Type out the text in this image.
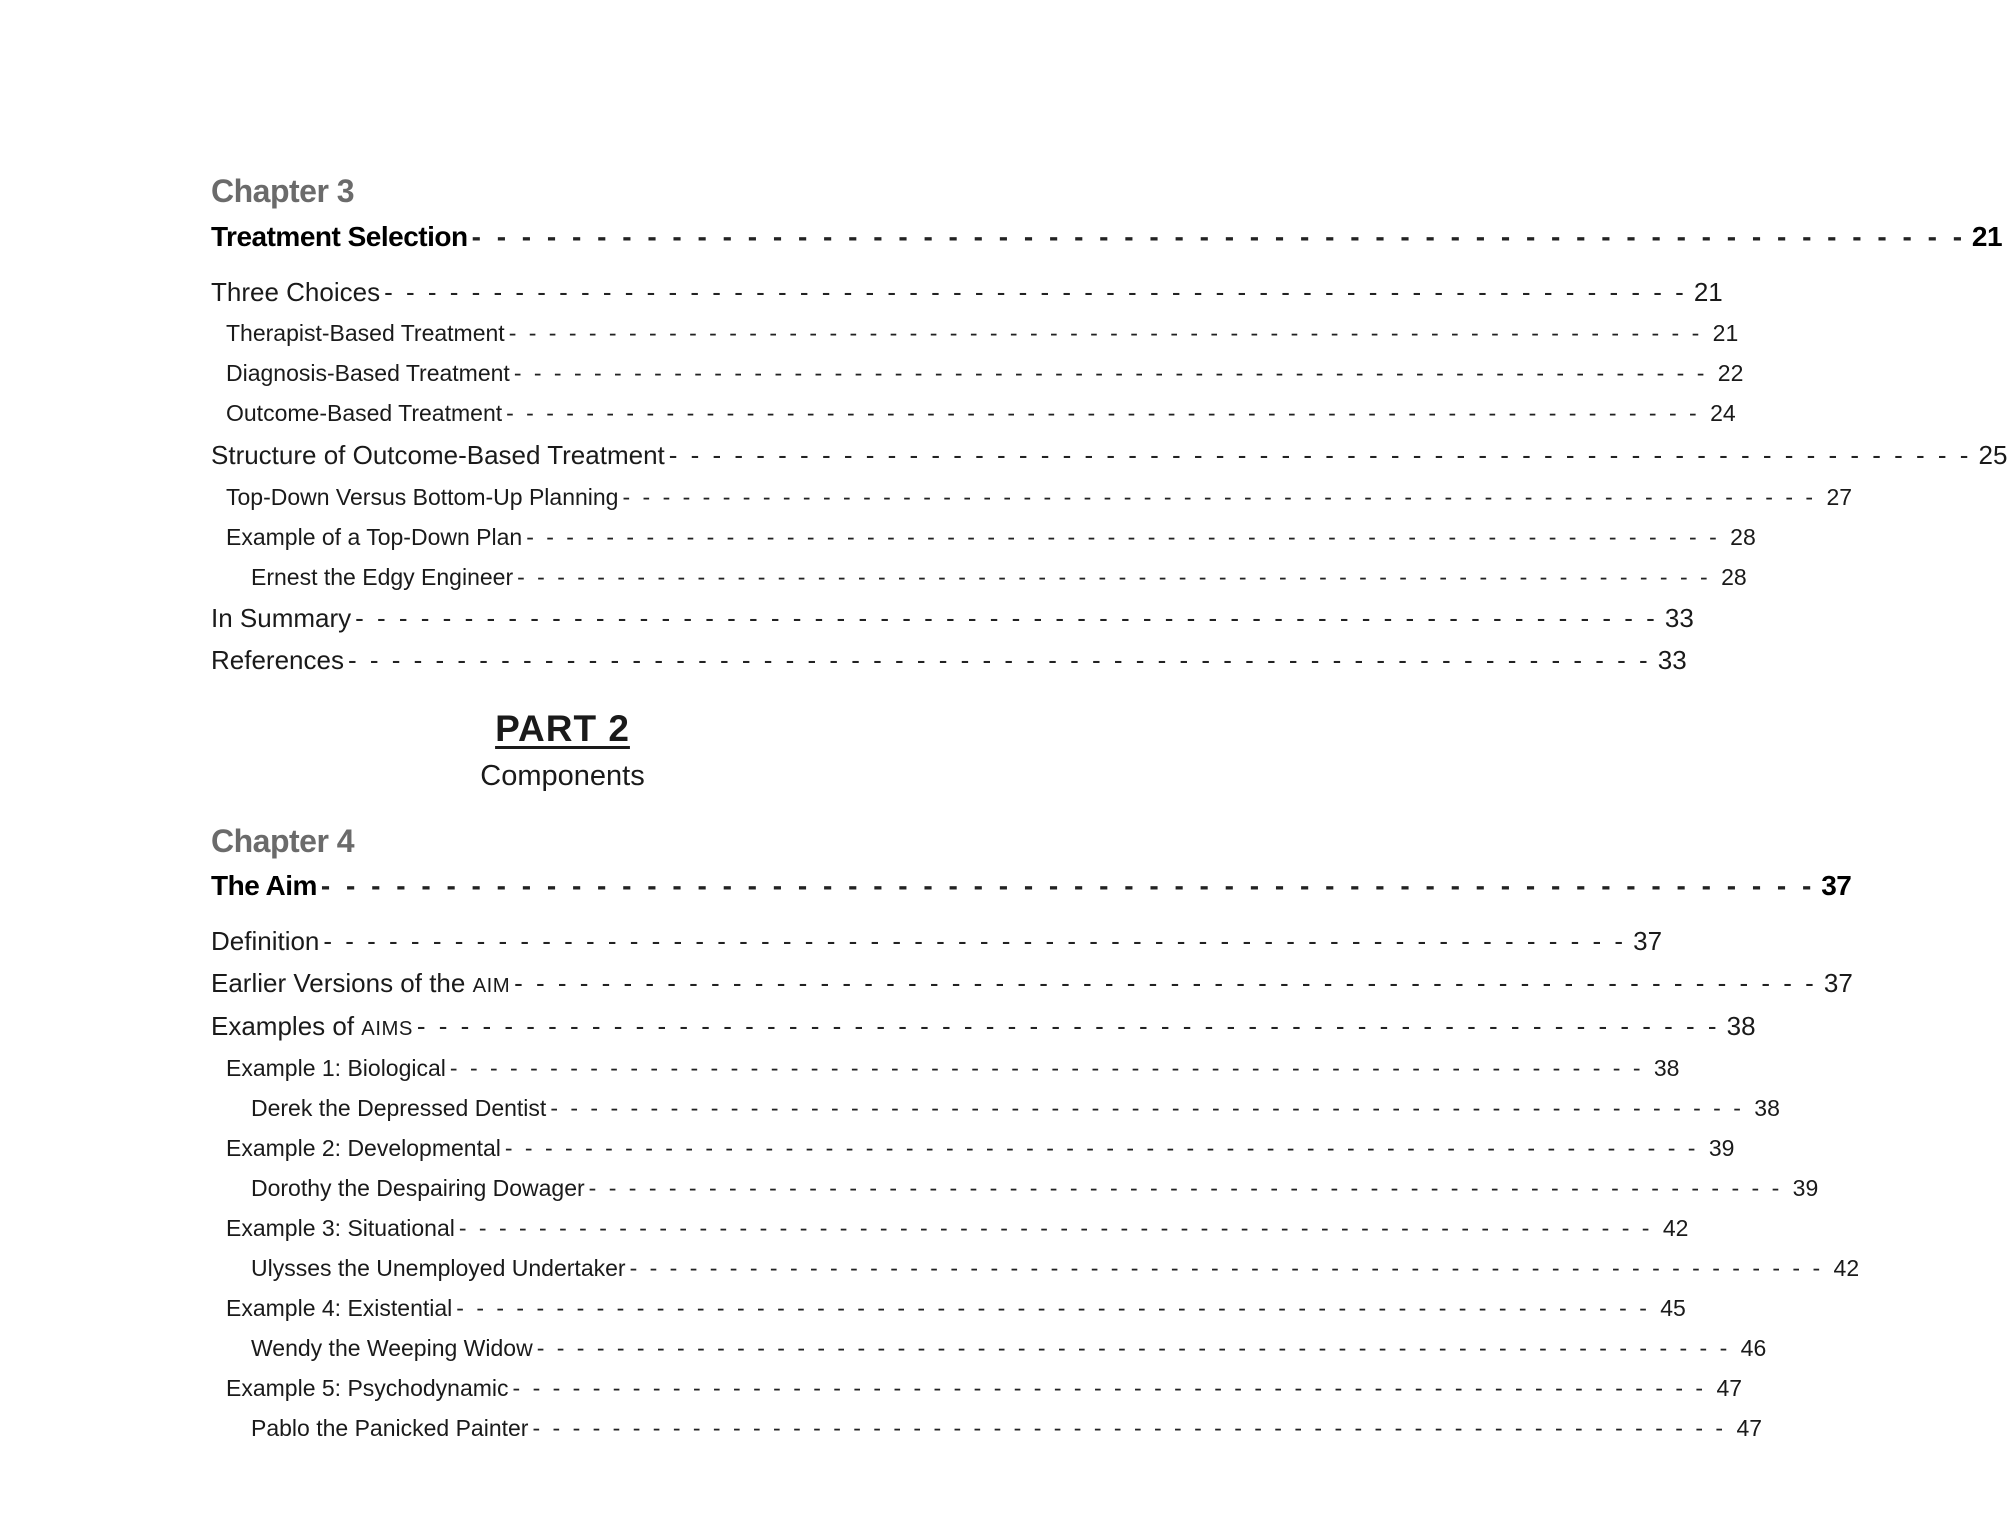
PART 2
Components
Chapter 3
Treatment Selection - - - - - - - - - - - - - - - - - - - - - - - - - - - - - - - - - - - - - - - - - - - - - - - - - - - - - - - - - - - - 21
Three Choices - - - - - - - - - - - - - - - - - - - - - - - - - - - - - - - - - - - - - - - - - - - - - - - - - - - - - - - - - - - - 21
Therapist-Based Treatment - - - - - - - - - - - - - - - - - - - - - - - - - - - - - - - - - - - - - - - - - - - - - - - - - - - - - - - - - - - - 21
Diagnosis-Based Treatment - - - - - - - - - - - - - - - - - - - - - - - - - - - - - - - - - - - - - - - - - - - - - - - - - - - - - - - - - - - - 22
Outcome-Based Treatment - - - - - - - - - - - - - - - - - - - - - - - - - - - - - - - - - - - - - - - - - - - - - - - - - - - - - - - - - - - - 24
Structure of Outcome-Based Treatment - - - - - - - - - - - - - - - - - - - - - - - - - - - - - - - - - - - - - - - - - - - - - - - - - - - - - - - - - - - - 25
Top-Down Versus Bottom-Up Planning - - - - - - - - - - - - - - - - - - - - - - - - - - - - - - - - - - - - - - - - - - - - - - - - - - - - - - - - - - - - 27
Example of a Top-Down Plan - - - - - - - - - - - - - - - - - - - - - - - - - - - - - - - - - - - - - - - - - - - - - - - - - - - - - - - - - - - - 28
Ernest the Edgy Engineer - - - - - - - - - - - - - - - - - - - - - - - - - - - - - - - - - - - - - - - - - - - - - - - - - - - - - - - - - - - - 28
In Summary - - - - - - - - - - - - - - - - - - - - - - - - - - - - - - - - - - - - - - - - - - - - - - - - - - - - - - - - - - - - 33
References - - - - - - - - - - - - - - - - - - - - - - - - - - - - - - - - - - - - - - - - - - - - - - - - - - - - - - - - - - - - 33
Chapter 4
The Aim - - - - - - - - - - - - - - - - - - - - - - - - - - - - - - - - - - - - - - - - - - - - - - - - - - - - - - - - - - - - 37
Definition - - - - - - - - - - - - - - - - - - - - - - - - - - - - - - - - - - - - - - - - - - - - - - - - - - - - - - - - - - - - 37
Earlier Versions of the AIM - - - - - - - - - - - - - - - - - - - - - - - - - - - - - - - - - - - - - - - - - - - - - - - - - - - - - - - - - - - - 37
Examples of AIMS - - - - - - - - - - - - - - - - - - - - - - - - - - - - - - - - - - - - - - - - - - - - - - - - - - - - - - - - - - - - 38
Example 1: Biological - - - - - - - - - - - - - - - - - - - - - - - - - - - - - - - - - - - - - - - - - - - - - - - - - - - - - - - - - - - - 38
Derek the Depressed Dentist - - - - - - - - - - - - - - - - - - - - - - - - - - - - - - - - - - - - - - - - - - - - - - - - - - - - - - - - - - - - 38
Example 2: Developmental - - - - - - - - - - - - - - - - - - - - - - - - - - - - - - - - - - - - - - - - - - - - - - - - - - - - - - - - - - - - 39
Dorothy the Despairing Dowager - - - - - - - - - - - - - - - - - - - - - - - - - - - - - - - - - - - - - - - - - - - - - - - - - - - - - - - - - - - - 39
Example 3: Situational - - - - - - - - - - - - - - - - - - - - - - - - - - - - - - - - - - - - - - - - - - - - - - - - - - - - - - - - - - - - 42
Ulysses the Unemployed Undertaker - - - - - - - - - - - - - - - - - - - - - - - - - - - - - - - - - - - - - - - - - - - - - - - - - - - - - - - - - - - - 42
Example 4: Existential - - - - - - - - - - - - - - - - - - - - - - - - - - - - - - - - - - - - - - - - - - - - - - - - - - - - - - - - - - - - 45
Wendy the Weeping Widow - - - - - - - - - - - - - - - - - - - - - - - - - - - - - - - - - - - - - - - - - - - - - - - - - - - - - - - - - - - - 46
Example 5: Psychodynamic - - - - - - - - - - - - - - - - - - - - - - - - - - - - - - - - - - - - - - - - - - - - - - - - - - - - - - - - - - - - 47
Pablo the Panicked Painter - - - - - - - - - - - - - - - - - - - - - - - - - - - - - - - - - - - - - - - - - - - - - - - - - - - - - - - - - - - - 47
